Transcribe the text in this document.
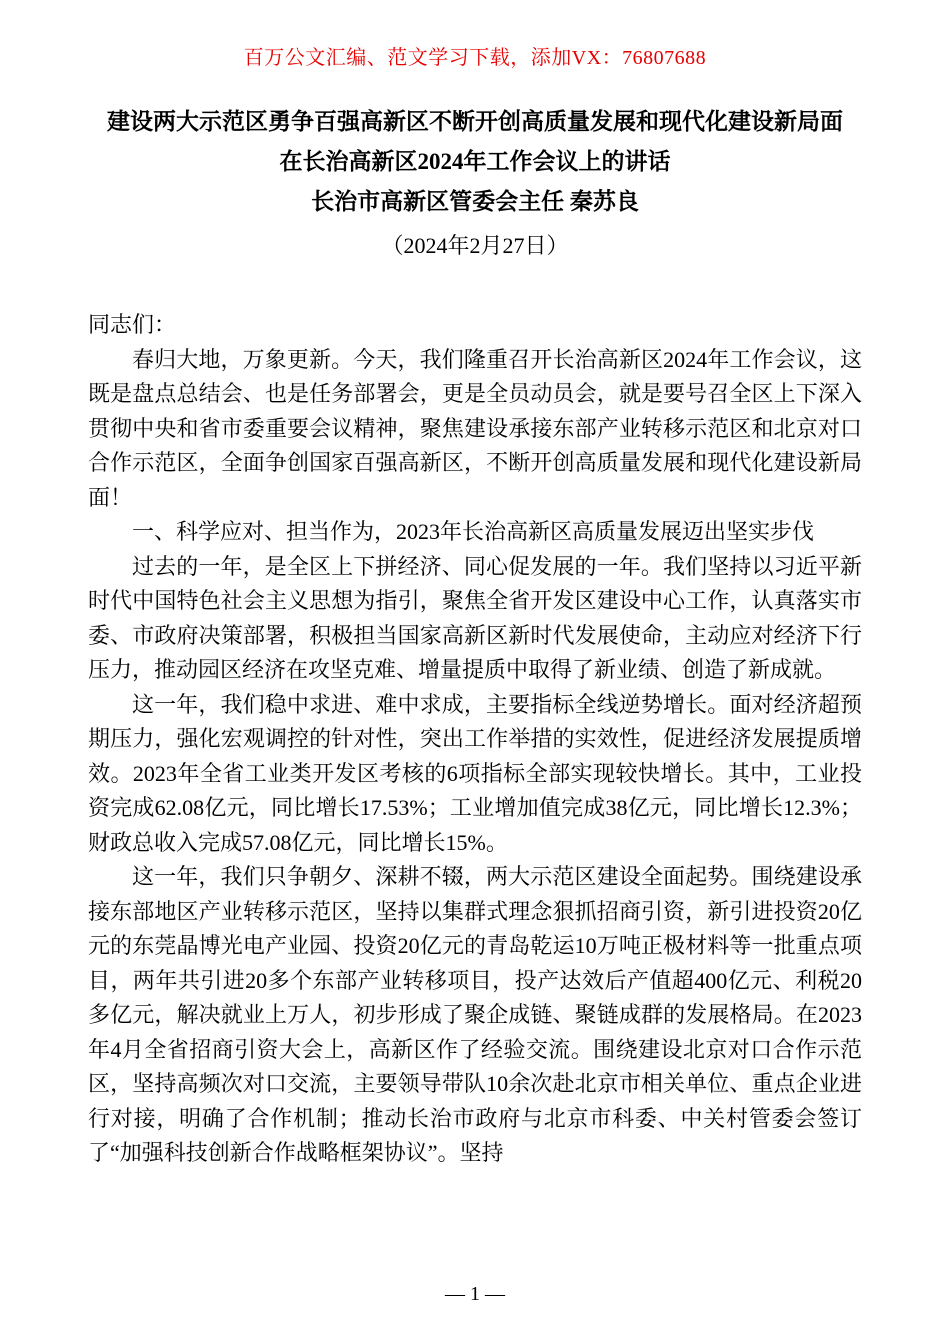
百万公文汇编、范文学习下载，添加VX：76807688
建设两大示范区勇争百强高新区不断开创高质量发展和现代化建设新局面
在长治高新区2024年工作会议上的讲话
长治市高新区管委会主任 秦苏良
（2024年2月27日）

同志们：

春归大地，万象更新。今天，我们隆重召开长治高新区2024年工作会议，这既是盘点总结会、也是任务部署会，更是全员动员会，就是要号召全区上下深入贯彻中央和省市委重要会议精神，聚焦建设承接东部产业转移示范区和北京对口合作示范区，全面争创国家百强高新区，不断开创高质量发展和现代化建设新局面！

一、科学应对、担当作为，2023年长治高新区高质量发展迈出坚实步伐

过去的一年，是全区上下拼经济、同心促发展的一年。我们坚持以习近平新时代中国特色社会主义思想为指引，聚焦全省开发区建设中心工作，认真落实市委、市政府决策部署，积极担当国家高新区新时代发展使命，主动应对经济下行压力，推动园区经济在攻坚克难、增量提质中取得了新业绩、创造了新成就。

这一年，我们稳中求进、难中求成，主要指标全线逆势增长。面对经济超预期压力，强化宏观调控的针对性，突出工作举措的实效性，促进经济发展提质增效。2023年全省工业类开发区考核的6项指标全部实现较快增长。其中，工业投资完成62.08亿元，同比增长17.53%；工业增加值完成38亿元，同比增长12.3%；财政总收入完成57.08亿元，同比增长15%。

这一年，我们只争朝夕、深耕不辍，两大示范区建设全面起势。围绕建设承接东部地区产业转移示范区，坚持以集群式理念狠抓招商引资，新引进投资20亿元的东莞晶博光电产业园、投资20亿元的青岛乾运10万吨正极材料等一批重点项目，两年共引进20多个东部产业转移项目，投产达效后产值超400亿元、利税20多亿元，解决就业上万人，初步形成了聚企成链、聚链成群的发展格局。在2023年4月全省招商引资大会上，高新区作了经验交流。围绕建设北京对口合作示范区，坚持高频次对口交流，主要领导带队10余次赴北京市相关单位、重点企业进行对接，明确了合作机制；推动长治市政府与北京市科委、中关村管委会签订了“加强科技创新合作战略框架协议”。坚持

— 1 —
